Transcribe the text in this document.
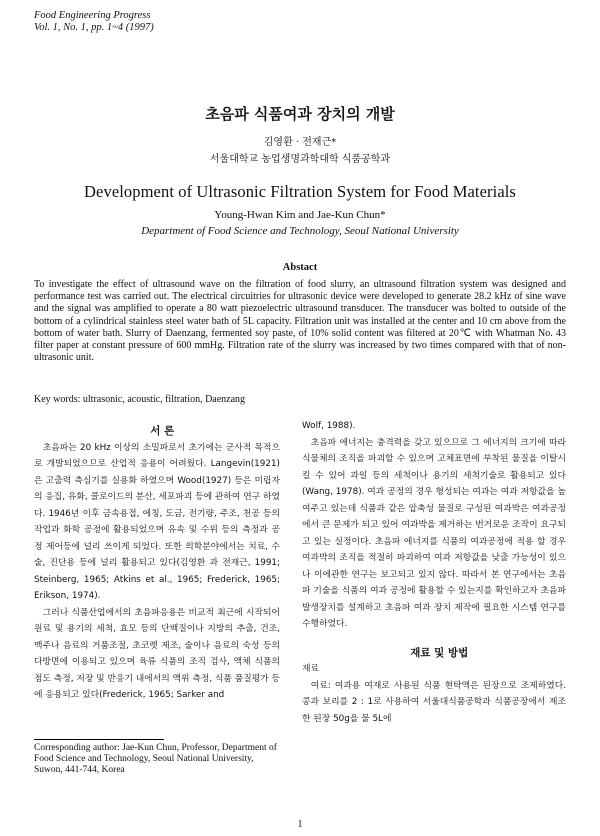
Food Engineering Progress
Vol. 1, No. 1, pp. 1~4 (1997)
초음파 식품여과 장치의 개발
김영환 · 전재근*
서울대학교 농업생명과학대학 식품공학과
Development of Ultrasonic Filtration System for Food Materials
Young-Hwan Kim and Jae-Kun Chun*
Department of Food Science and Technology, Seoul National University
Abstact

To investigate the effect of ultrasound wave on the filtration of food slurry, an ultrasound filtration system was designed and performance test was carried out. The electrical circuitries for ultrasonic device were developed to generate 28.2 kHz of sine wave and the signal was amplified to operate a 80 watt piezoelectric ultrasound transducer. The transducer was bolted to outside of the bottom of a cylindrical stainless steel water bath of 5L capacity. Filtration unit was installed at the center and 10 cm above from the bottom of water bath. Slurry of Daenzang, fermented soy paste, of 10% solid content was filtered at 20℃ with Whatman No. 43 filter paper at constant pressure of 600 mmHg. Filtration rate of the slurry was increased by two times compared with that of non-ultrasonic unit.

Key words: ultrasonic, acoustic, filtration, Daenzang

서 론

초음파는 20 kHz 이상의 소밀파로서 초기에는 군사적 목적으로 개발되었으므로 산업적 응용이 어려웠다. Langevin(1921)은 고출력 측심기를 실용화 하였으며 Wood(1927) 등은 미립자의 응집, 유화, 콜로이드의 분산, 세포파괴 등에 관하여 연구 하였다. 1946년 이후 금속용접, 에칭, 도금, 전기량, 주조, 천공 등의 작업과 화학 공정에 활용되었으며 유속 및 수위 등의 측정과 공정 제어등에 널리 쓰이게 되었다. 또한 의학분야에서는 치료, 수술, 진단용 등에 널리 활용되고 있다(김영환 과 전재근, 1991; Steinberg, 1965; Atkins et al., 1965; Frederick, 1965; Erikson, 1974).

그러나 식품산업에서의 초음파응용은 비교적 최근에 시작되어 원료 및 용기의 세척, 효모 등의 단백질이나 지방의 추출, 건조, 맥주나 음료의 거품조절, 초코렛 제조, 술이나 음료의 숙성 등의 다방면에 이용되고 있으며 육류 식품의 조직 검사, 액체 식품의 점도 측정, 저장 및 반응기 내에서의 액위 측정, 식품 품질평가 등에 응용되고 있다(Frederick, 1965; Sarker and

Wolf, 1988).

초음파 에너지는 충격력을 갖고 있으므로 그 에너지의 크기에 따라 식물체의 조직을 파괴할 수 있으며 고체표면에 부착된 물질을 이탈시킬 수 있어 과일 등의 세척이나 용기의 세척기술로 활용되고 있다(Wang, 1978). 여과 공정의 경우 형성되는 여과는 여과 저항값을 높여주고 있는데 식품과 같은 압축성 물질로 구성된 여과박은 여과공정에서 큰 문제가 되고 있어 여과박을 제거하는 번거로운 조작이 요구되고 있는 실정이다. 초음파 에너지를 식품의 여과공정에 적용 할 경우 여과박의 조직을 적절히 파괴하여 여과 저항값을 낮출 가능성이 있으나 이에관한 연구는 보고되고 있지 않다. 따라서 본 연구에서는 초음파 기술을 식품의 여과 공정에 활용할 수 있는지를 확인하고자 초음파 발생장치를 설계하고 초음파 여과 장치 제작에 필요한 시스템 연구를 수행하였다.

재료 및 방법

재료

여료: 여과용 여재로 사용된 식품 현탁액은 된장으로 조제하였다. 콩과 보리를 2 : 1로 사용하여 서울대식품공학과 식품공장에서 제조한 된장 50g을 물 5L에

Corresponding author: Jae-Kun Chun, Professor, Department of Food Science and Technology, Seoul National University, Suwon, 441-744, Korea

1
